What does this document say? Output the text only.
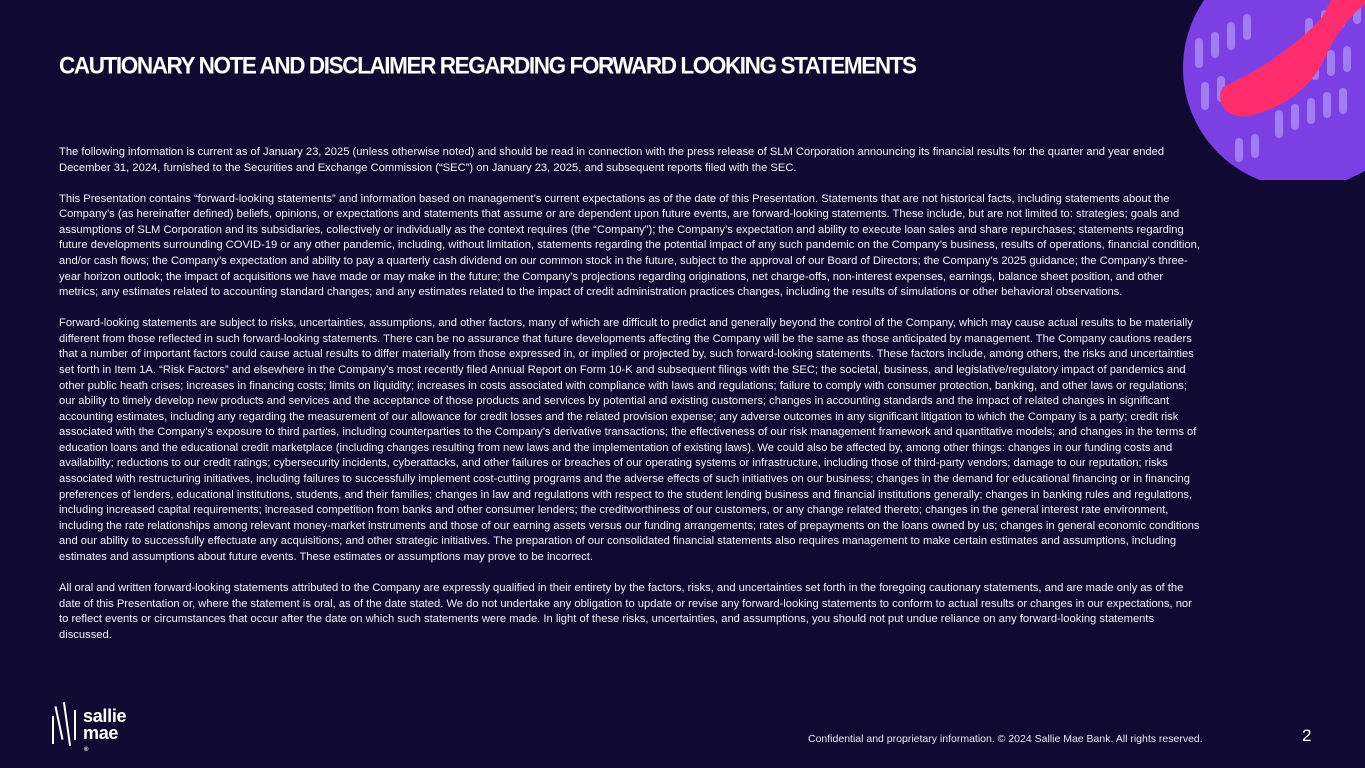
CAUTIONARY NOTE AND DISCLAIMER REGARDING FORWARD LOOKING STATEMENTS

The following information is current as of January 23, 2025 (unless otherwise noted) and should be read in connection with the press release of SLM Corporation announcing its financial results for the quarter and year ended December 31, 2024, furnished to the Securities and Exchange Commission (“SEC”) on January 23, 2025, and subsequent reports filed with the SEC.

This Presentation contains “forward-looking statements” and information based on management’s current expectations as of the date of this Presentation. Statements that are not historical facts, including statements about the Company’s (as hereinafter defined) beliefs, opinions, or expectations and statements that assume or are dependent upon future events, are forward-looking statements. These include, but are not limited to: strategies; goals and assumptions of SLM Corporation and its subsidiaries, collectively or individually as the context requires (the “Company”); the Company’s expectation and ability to execute loan sales and share repurchases; statements regarding future developments surrounding COVID-19 or any other pandemic, including, without limitation, statements regarding the potential impact of any such pandemic on the Company’s business, results of operations, financial condition, and/or cash flows; the Company’s expectation and ability to pay a quarterly cash dividend on our common stock in the future, subject to the approval of our Board of Directors; the Company’s 2025 guidance; the Company’s three-year horizon outlook; the impact of acquisitions we have made or may make in the future; the Company’s projections regarding originations, net charge-offs, non-interest expenses, earnings, balance sheet position, and other metrics; any estimates related to accounting standard changes; and any estimates related to the impact of credit administration practices changes, including the results of simulations or other behavioral observations.

Forward-looking statements are subject to risks, uncertainties, assumptions, and other factors, many of which are difficult to predict and generally beyond the control of the Company, which may cause actual results to be materially different from those reflected in such forward-looking statements. There can be no assurance that future developments affecting the Company will be the same as those anticipated by management. The Company cautions readers that a number of important factors could cause actual results to differ materially from those expressed in, or implied or projected by, such forward-looking statements. These factors include, among others, the risks and uncertainties set forth in Item 1A. “Risk Factors” and elsewhere in the Company’s most recently filed Annual Report on Form 10-K and subsequent filings with the SEC; the societal, business, and legislative/regulatory impact of pandemics and other public heath crises; increases in financing costs; limits on liquidity; increases in costs associated with compliance with laws and regulations; failure to comply with consumer protection, banking, and other laws or regulations; our ability to timely develop new products and services and the acceptance of those products and services by potential and existing customers; changes in accounting standards and the impact of related changes in significant accounting estimates, including any regarding the measurement of our allowance for credit losses and the related provision expense; any adverse outcomes in any significant litigation to which the Company is a party; credit risk associated with the Company’s exposure to third parties, including counterparties to the Company’s derivative transactions; the effectiveness of our risk management framework and quantitative models; and changes in the terms of education loans and the educational credit marketplace (including changes resulting from new laws and the implementation of existing laws). We could also be affected by, among other things: changes in our funding costs and availability; reductions to our credit ratings; cybersecurity incidents, cyberattacks, and other failures or breaches of our operating systems or infrastructure, including those of third-party vendors; damage to our reputation; risks associated with restructuring initiatives, including failures to successfully implement cost-cutting programs and the adverse effects of such initiatives on our business; changes in the demand for educational financing or in financing preferences of lenders, educational institutions, students, and their families; changes in law and regulations with respect to the student lending business and financial institutions generally; changes in banking rules and regulations, including increased capital requirements; increased competition from banks and other consumer lenders; the creditworthiness of our customers, or any change related thereto; changes in the general interest rate environment, including the rate relationships among relevant money-market instruments and those of our earning assets versus our funding arrangements; rates of prepayments on the loans owned by us; changes in general economic conditions and our ability to successfully effectuate any acquisitions; and other strategic initiatives. The preparation of our consolidated financial statements also requires management to make certain estimates and assumptions, including estimates and assumptions about future events. These estimates or assumptions may prove to be incorrect.

All oral and written forward-looking statements attributed to the Company are expressly qualified in their entirety by the factors, risks, and uncertainties set forth in the foregoing cautionary statements, and are made only as of the date of this Presentation or, where the statement is oral, as of the date stated. We do not undertake any obligation to update or revise any forward-looking statements to conform to actual results or changes in our expectations, nor to reflect events or circumstances that occur after the date on which such statements were made. In light of these risks, uncertainties, and assumptions, you should not put undue reliance on any forward-looking statements discussed.

sallie
mae
®
Confidential and proprietary information. © 2024 Sallie Mae Bank. All rights reserved.	2
